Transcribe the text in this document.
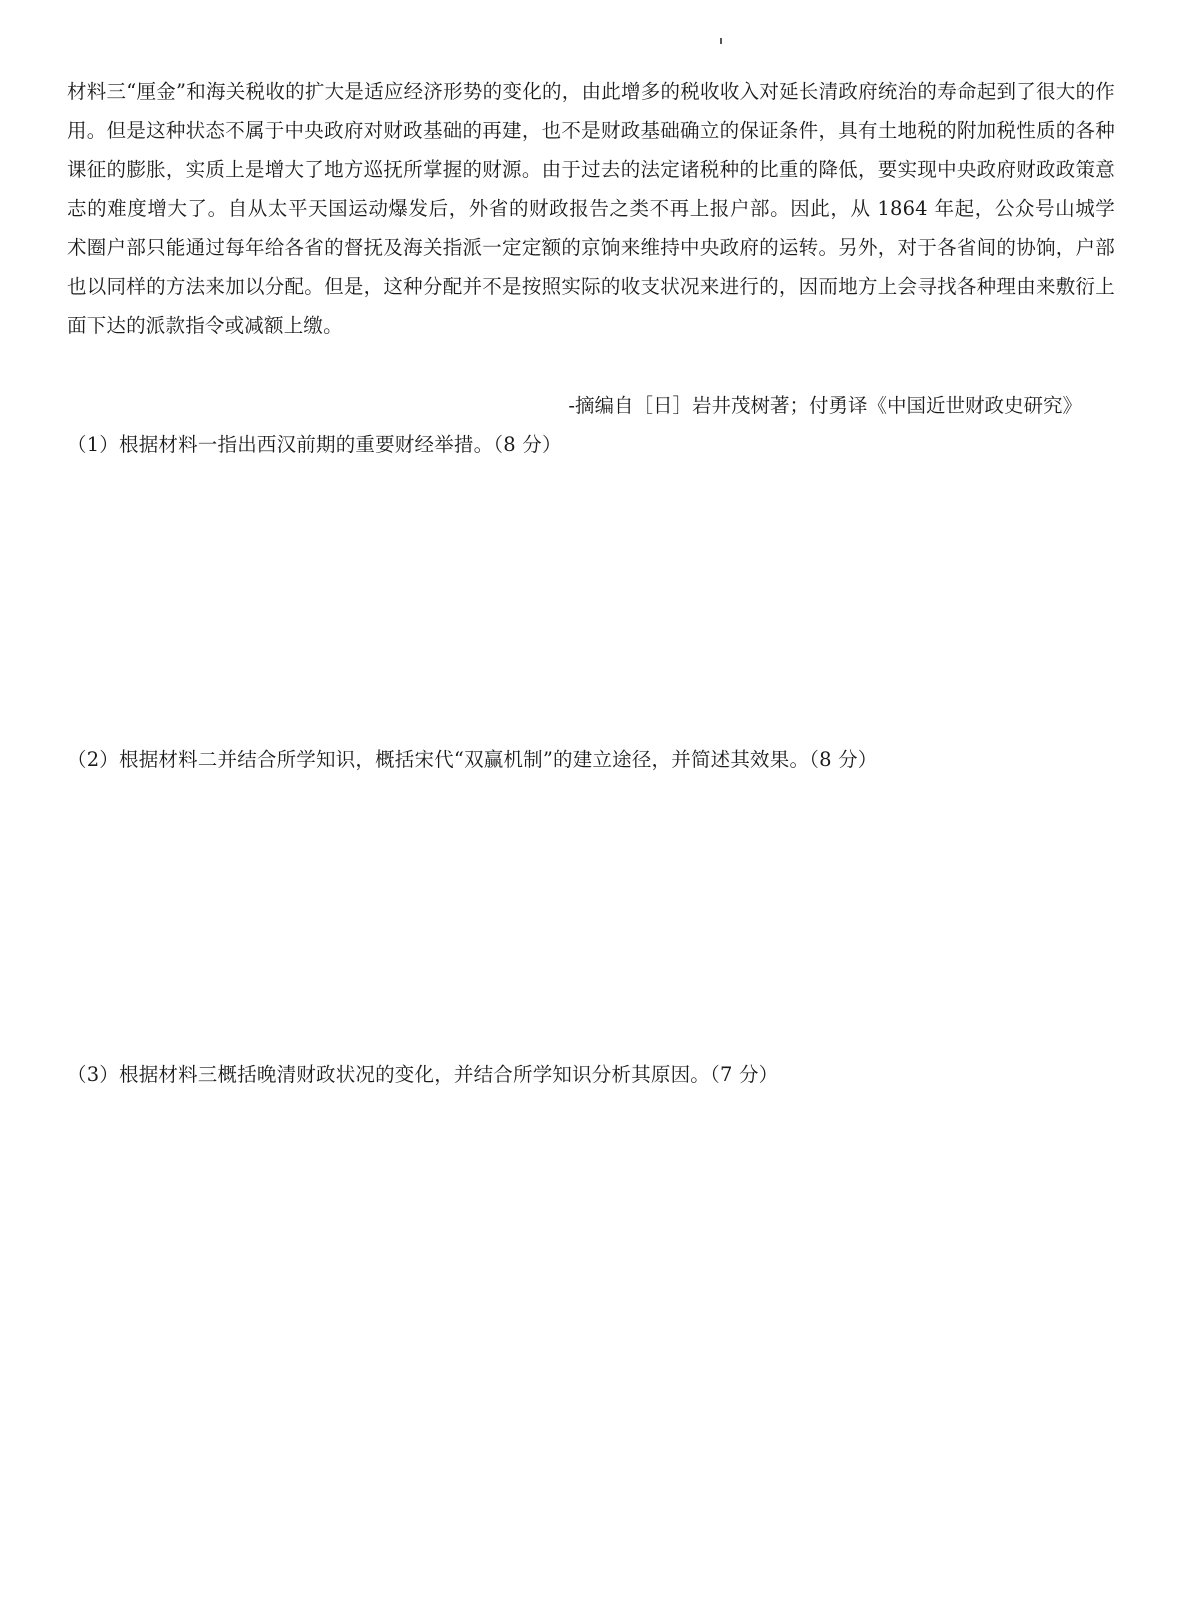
材料三“厘金”和海关税收的扩大是适应经济形势的变化的，由此增多的税收收入对延长清政府统治的寿命起到了很大的作用。但是这种状态不属于中央政府对财政基础的再建，也不是财政基础确立的保证条件，具有土地税的附加税性质的各种课征的膨胀，实质上是增大了地方巡抚所掌握的财源。由于过去的法定诸税种的比重的降低，要实现中央政府财政政策意志的难度增大了。自从太平天国运动爆发后，外省的财政报告之类不再上报户部。因此，从 1864 年起，公众号山城学术圈户部只能通过每年给各省的督抚及海关指派一定定额的京饷来维持中央政府的运转。另外，对于各省间的协饷，户部也以同样的方法来加以分配。但是，这种分配并不是按照实际的收支状况来进行的，因而地方上会寻找各种理由来敷衍上面下达的派款指令或减额上缴。

-摘编自［日］岩井茂树著；付勇译《中国近世财政史研究》
（1）根据材料一指出西汉前期的重要财经举措。（8 分）
（2）根据材料二并结合所学知识，概括宋代“双赢机制”的建立途径，并简述其效果。（8 分）
（3）根据材料三概括晚清财政状况的变化，并结合所学知识分析其原因。（7 分）
